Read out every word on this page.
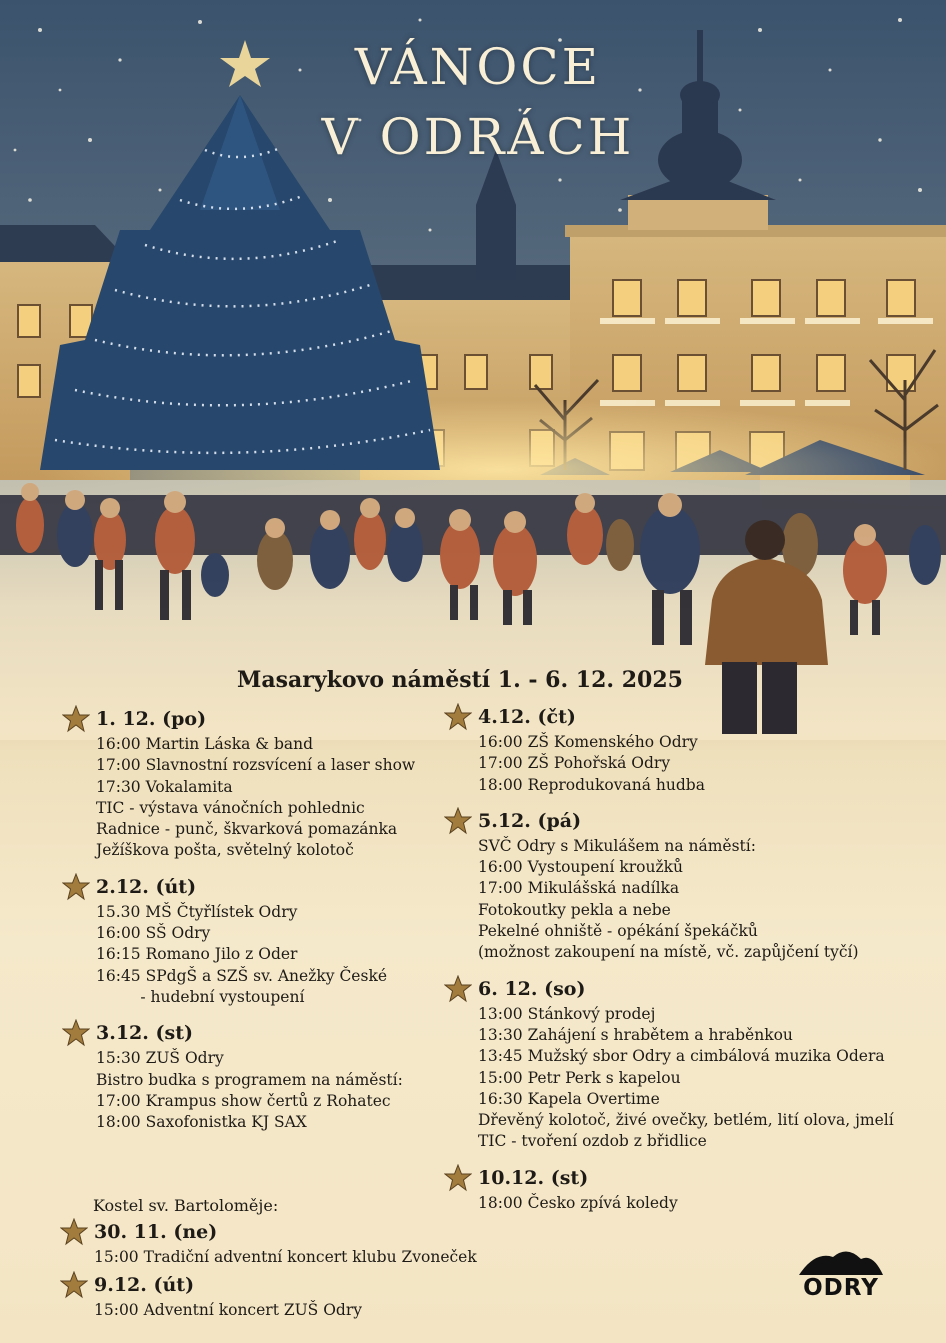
VÁNOCE
V ODRÁCH
Masarykovo náměstí 1. - 6. 12. 2025
1. 12. (po)
16:00 Martin Láska & band
17:00 Slavnostní rozsvícení a laser show
17:30 Vokalamita
TIC - výstava vánočních pohlednic
Radnice - punč, škvarková pomazánka
Ježíškova pošta, světelný kolotoč
2.12. (út)
15.30 MŠ Čtyřlístek Odry
16:00 SŠ Odry
16:15 Romano Jilo z Oder
16:45 SPdgŠ a SZŠ sv. Anežky České
- hudební vystoupení
3.12. (st)
15:30 ZUŠ Odry
Bistro budka s programem na náměstí:
17:00 Krampus show čertů z Rohatec
18:00 Saxofonistka KJ SAX
4.12. (čt)
16:00 ZŠ Komenského Odry
17:00 ZŠ Pohořská Odry
18:00 Reprodukovaná hudba
5.12. (pá)
SVČ Odry s Mikulášem na náměstí:
16:00 Vystoupení kroužků
17:00 Mikulášská nadílka
Fotokoutky pekla a nebe
Pekelné ohniště - opékání špekáčků
(možnost zakoupení na místě, vč. zapůjčení tyčí)
6. 12. (so)
13:00 Stánkový prodej
13:30 Zahájení s hrabětem a hraběnkou
13:45 Mužský sbor Odry a cimbálová muzika Odera
15:00 Petr Perk s kapelou
16:30 Kapela Overtime
Dřevěný kolotoč, živé ovečky, betlém, lití olova, jmelí
TIC - tvoření ozdob z břidlice
10.12. (st)
18:00 Česko zpívá koledy
Kostel sv. Bartoloměje:
30. 11. (ne)
15:00 Tradiční adventní koncert klubu Zvoneček
9.12. (út)
15:00 Adventní koncert ZUŠ Odry
ODRY
